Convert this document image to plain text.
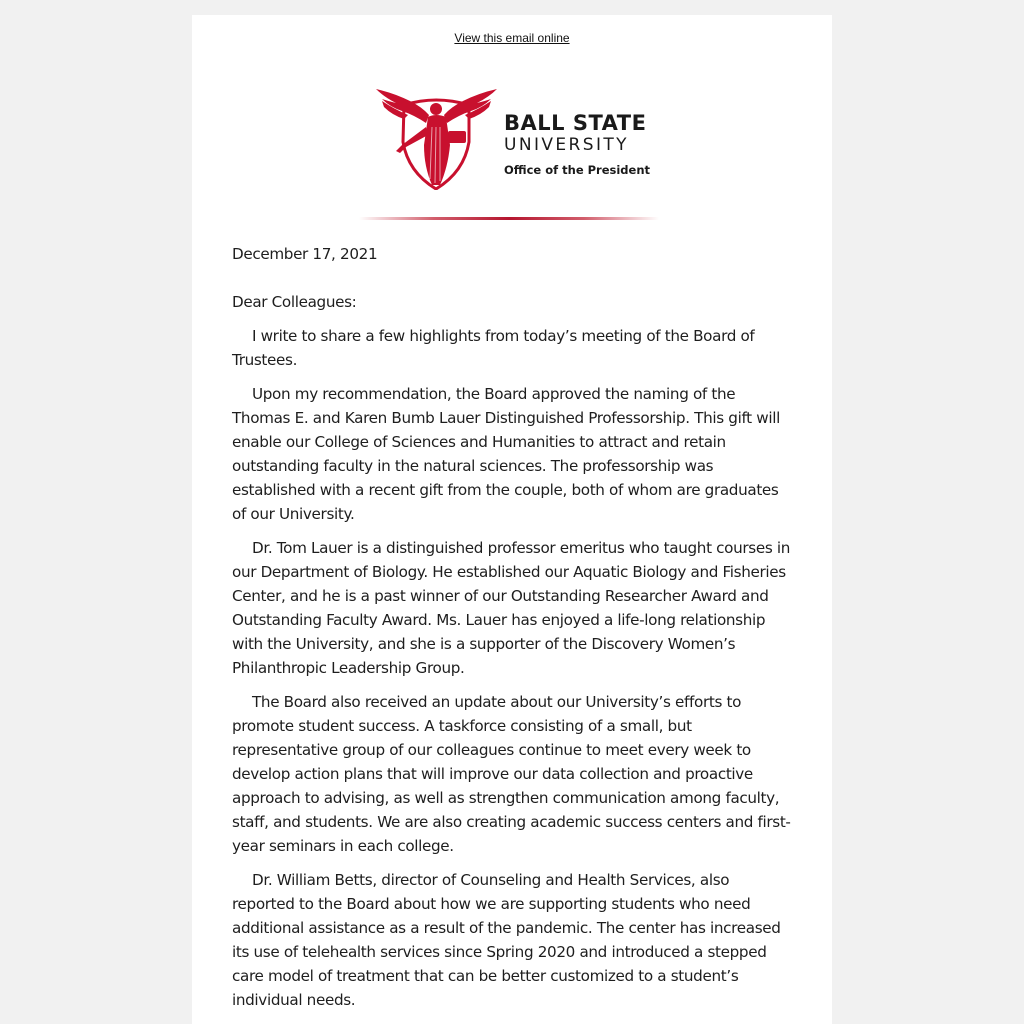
View this email online
BALL STATE
UNIVERSITY
Office of the President

December 17, 2021

Dear Colleagues:

I write to share a few highlights from today’s meeting of the Board of Trustees.

Upon my recommendation, the Board approved the naming of the Thomas E. and Karen Bumb Lauer Distinguished Professorship. This gift will enable our College of Sciences and Humanities to attract and retain outstanding faculty in the natural sciences. The professorship was established with a recent gift from the couple, both of whom are graduates of our University.

Dr. Tom Lauer is a distinguished professor emeritus who taught courses in our Department of Biology. He established our Aquatic Biology and Fisheries Center, and he is a past winner of our Outstanding Researcher Award and Outstanding Faculty Award. Ms. Lauer has enjoyed a life-long relationship with the University, and she is a supporter of the Discovery Women’s Philanthropic Leadership Group.

The Board also received an update about our University’s efforts to promote student success. A taskforce consisting of a small, but representative group of our colleagues continue to meet every week to develop action plans that will improve our data collection and proactive approach to advising, as well as strengthen communication among faculty, staff, and students. We are also creating academic success centers and first-year seminars in each college.

Dr. William Betts, director of Counseling and Health Services, also reported to the Board about how we are supporting students who need additional assistance as a result of the pandemic. The center has increased its use of telehealth services since Spring 2020 and introduced a stepped care model of treatment that can be better customized to a student’s individual needs.
